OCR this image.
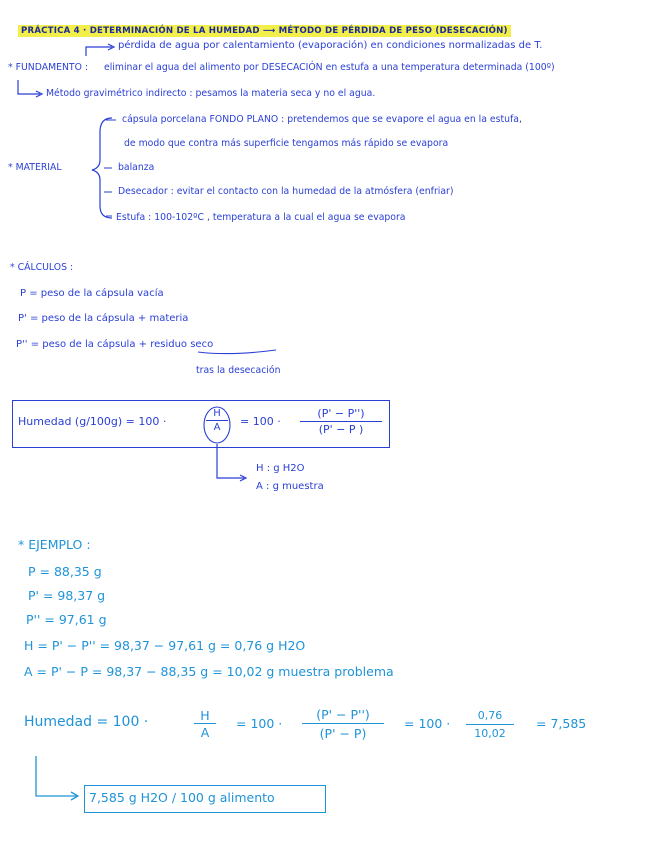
PRÁCTICA 4 · DETERMINACIÓN DE LA HUMEDAD ⟶ MÉTODO DE PÉRDIDA DE PESO (DESECACIÓN)
pérdida de agua por calentamiento (evaporación) en condiciones normalizadas de T.
* FUNDAMENTO : eliminar el agua del alimento por DESECACIÓN en estufa a una temperatura determinada (100º)
Método gravimétrico indirecto : pesamos la materia seca y no el agua.
* MATERIAL
cápsula porcelana FONDO PLANO : pretendemos que se evapore el agua en la estufa,
de modo que contra más superficie tengamos más rápido se evapora
balanza
Desecador : evitar el contacto con la humedad de la atmósfera (enfriar)
Estufa : 100-102ºC , temperatura a la cual el agua se evapora
* CÁLCULOS :
P = peso de la cápsula vacía
P' = peso de la cápsula + materia
P'' = peso de la cápsula + residuo seco
tras la desecación
Humedad (g/100g) = 100 ·	$\frac{H}{A} = 100 \cdot \frac{(P' - P'')}{(P' - P )}$
H : g H2O
A : g muestra
* EJEMPLO :
P = 88,35 g
P' = 98,37 g
P'' = 97,61 g
H = P' − P'' = 98,37 − 97,61 g = 0,76 g H2O
A = P' − P = 98,37 − 88,35 g = 10,02 g muestra problema
Humedad = 100 ·	$\frac{H}{A} = 100 \cdot \frac{(P' - P'')}{(P' - P)} = 100 \cdot \frac{0,76}{10,02} = 7,585$
7,585 g H2O / 100 g alimento
